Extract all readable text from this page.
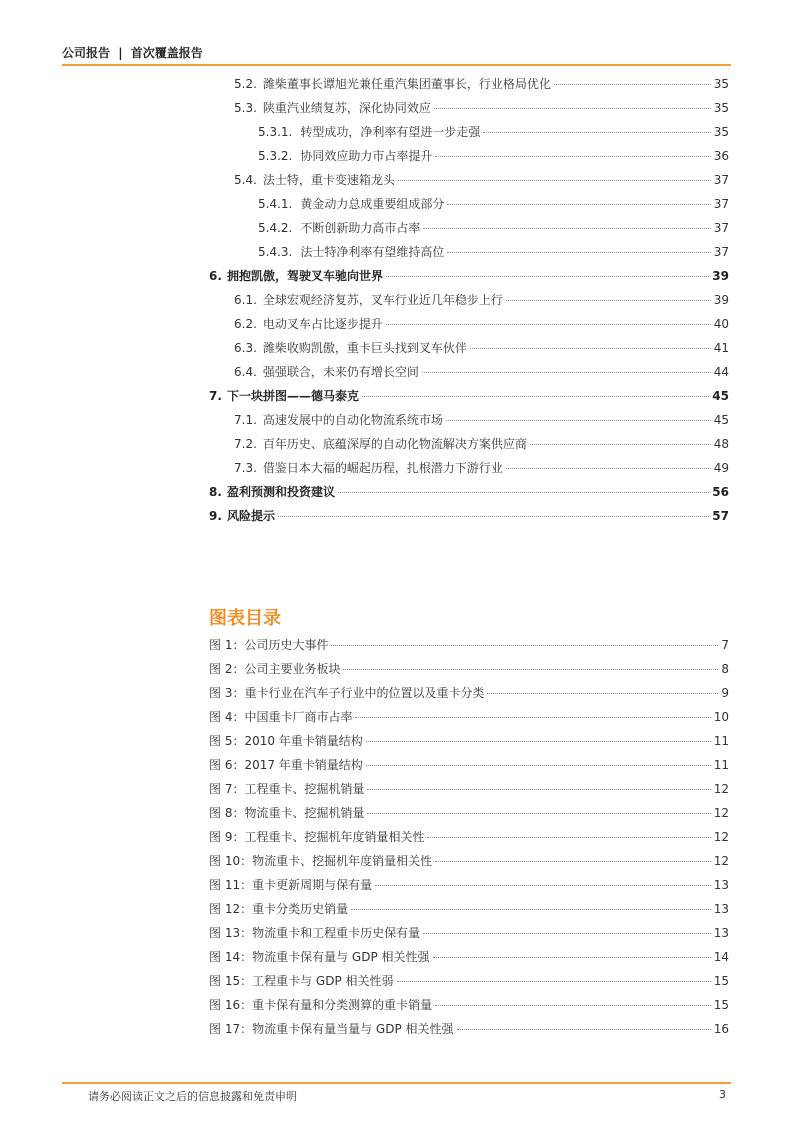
公司报告 | 首次覆盖报告
图表目录
请务必阅读正文之后的信息披露和免责申明	3
5.2. 潍柴董事长谭旭光兼任重汽集团董事长，行业格局优化	35
5.3. 陕重汽业绩复苏，深化协同效应	35
5.3.1. 转型成功，净利率有望进一步走强	35
5.3.2. 协同效应助力市占率提升	36
5.4. 法士特，重卡变速箱龙头	37
5.4.1. 黄金动力总成重要组成部分	37
5.4.2. 不断创新助力高市占率	37
5.4.3. 法士特净利率有望维持高位	37
6. 拥抱凯傲，驾驶叉车驰向世界	39
6.1. 全球宏观经济复苏，叉车行业近几年稳步上行	39
6.2. 电动叉车占比逐步提升	40
6.3. 潍柴收购凯傲，重卡巨头找到叉车伙伴	41
6.4. 强强联合，未来仍有增长空间	44
7. 下一块拼图——德马泰克	45
7.1. 高速发展中的自动化物流系统市场	45
7.2. 百年历史、底蕴深厚的自动化物流解决方案供应商	48
7.3. 借鉴日本大福的崛起历程，扎根潜力下游行业	49
8. 盈利预测和投资建议	56
9. 风险提示	57
图 1： 公司历史大事件	7
图 2： 公司主要业务板块	8
图 3： 重卡行业在汽车子行业中的位置以及重卡分类	9
图 4： 中国重卡厂商市占率	10
图 5： 2010 年重卡销量结构	11
图 6： 2017 年重卡销量结构	11
图 7： 工程重卡、挖掘机销量	12
图 8： 物流重卡、挖掘机销量	12
图 9： 工程重卡、挖掘机年度销量相关性	12
图 10： 物流重卡、挖掘机年度销量相关性	12
图 11： 重卡更新周期与保有量	13
图 12： 重卡分类历史销量	13
图 13： 物流重卡和工程重卡历史保有量	13
图 14： 物流重卡保有量与 GDP 相关性强	14
图 15： 工程重卡与 GDP 相关性弱	15
图 16： 重卡保有量和分类测算的重卡销量	15
图 17： 物流重卡保有量当量与 GDP 相关性强	16
